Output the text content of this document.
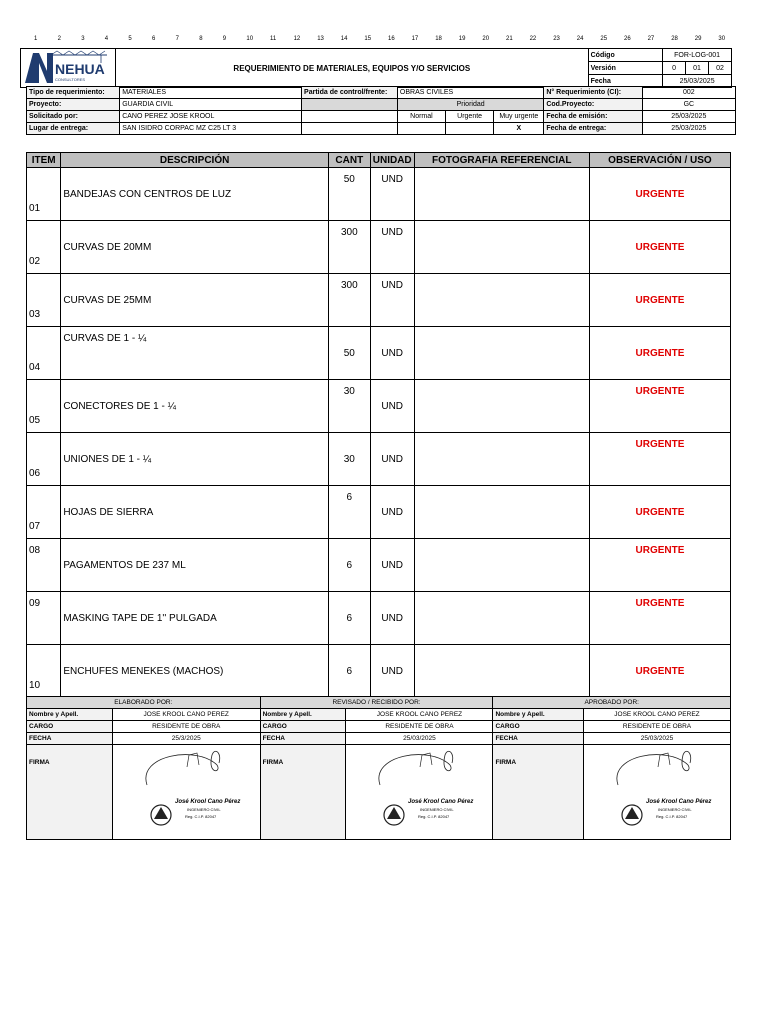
1	2	3	4	5	6	7	8	9	10	11	12	13	14	15	16	17	18	19	20	21	22	23	24	25	26	27	28	29	30
NEHUA
CONSULTORES	REQUERIMIENTO DE MATERIALES, EQUIPOS Y/O SERVICIOS	Código	FOR-LOG-001		
		Versión	0	01	02
		Fecha	25/03/2025		
Tipo de requerimiento:	MATERIALES	Partida de control/frente:	OBRAS CIVILES			N° Requerimiento (CI):	002
Proyecto:	GUARDIA CIVIL		Prioridad			Cod.Proyecto:	GC
Solicitado por:	CANO PEREZ JOSE KROOL		Normal	Urgente	Muy urgente	Fecha de emisión:	25/03/2025
Lugar de entrega:	SAN ISIDRO CORPAC MZ C25 LT 3				X	Fecha de entrega:	25/03/2025
ITEM	DESCRIPCIÓN	CANT	UNIDAD	FOTOGRAFIA REFERENCIAL	OBSERVACIÓN / USO
01	BANDEJAS CON CENTROS DE LUZ	50	UND		URGENTE
02	CURVAS DE 20MM	300	UND		URGENTE
03	CURVAS DE 25MM	300	UND		URGENTE
04	CURVAS DE 1 - ¼	50	UND		URGENTE
05	CONECTORES DE 1 - ¼	30	UND		URGENTE
06	UNIONES DE 1 - ¼	30	UND		URGENTE
07	HOJAS DE SIERRA	6	UND		URGENTE
08	PAGAMENTOS DE 237 ML	6	UND		URGENTE
09	MASKING TAPE DE 1'' PULGADA	6	UND		URGENTE
10	ENCHUFES MENEKES (MACHOS)	6	UND		URGENTE
ELABORADO POR:		REVISADO / RECIBIDO POR:		APROBADO POR:	
Nombre y Apell.	JOSE KROOL CANO PEREZ	Nombre y Apell.	JOSE KROOL CANO PEREZ	Nombre y Apell.	JOSE KROOL CANO PEREZ
CARGO	RESIDENTE DE OBRA	CARGO	RESIDENTE DE OBRA	CARGO	RESIDENTE DE OBRA
FECHA	25/3/2025	FECHA	25/03/2025	FECHA	25/03/2025
FIRMA	José Krool Cano Pérez
INGENIERO CIVIL
Reg. C.I.P. 82047	FIRMA	José Krool Cano Pérez
INGENIERO CIVIL
Reg. C.I.P. 82047	FIRMA	José Krool Cano Pérez
INGENIERO CIVIL
Reg. C.I.P. 82047
